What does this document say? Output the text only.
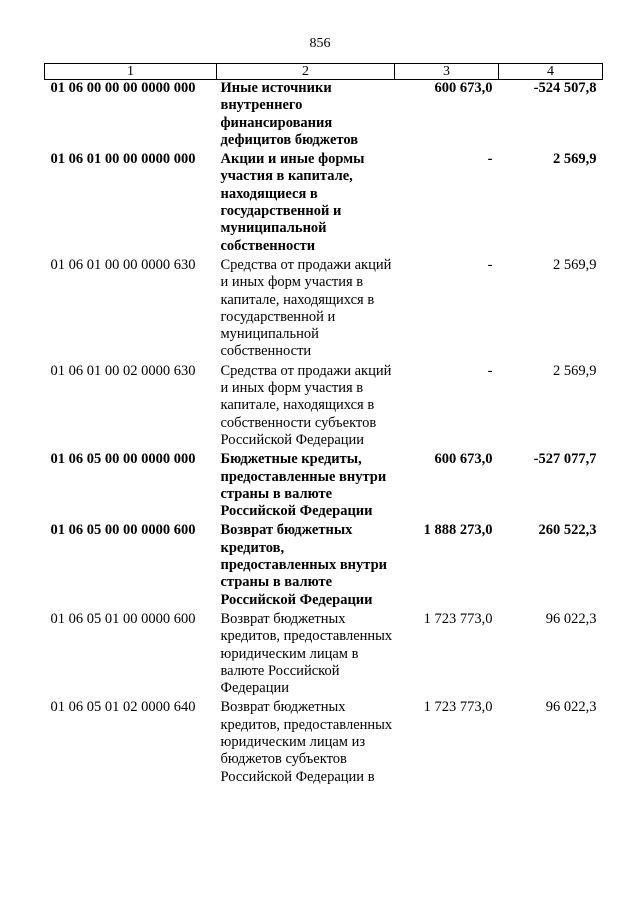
856
1	2	3	4
01 06 00 00 00 0000 000	Иные источники внутреннего финансирования дефицитов бюджетов	600 673,0	-524 507,8
01 06 01 00 00 0000 000	Акции и иные формы участия в капитале, находящиеся в государственной и муниципальной собственности	-	2 569,9
01 06 01 00 00 0000 630	Средства от продажи акций и иных форм участия в капитале, находящихся в государственной и муниципальной собственности	-	2 569,9
01 06 01 00 02 0000 630	Средства от продажи акций и иных форм участия в капитале, находящихся в собственности субъектов Российской Федерации	-	2 569,9
01 06 05 00 00 0000 000	Бюджетные кредиты, предоставленные внутри страны в валюте Российской Федерации	600 673,0	-527 077,7
01 06 05 00 00 0000 600	Возврат бюджетных кредитов, предоставленных внутри страны в валюте Российской Федерации	1 888 273,0	260 522,3
01 06 05 01 00 0000 600	Возврат бюджетных кредитов, предоставленных юридическим лицам в валюте Российской Федерации	1 723 773,0	96 022,3
01 06 05 01 02 0000 640	Возврат бюджетных кредитов, предоставленных юридическим лицам из бюджетов субъектов Российской Федерации в	1 723 773,0	96 022,3
